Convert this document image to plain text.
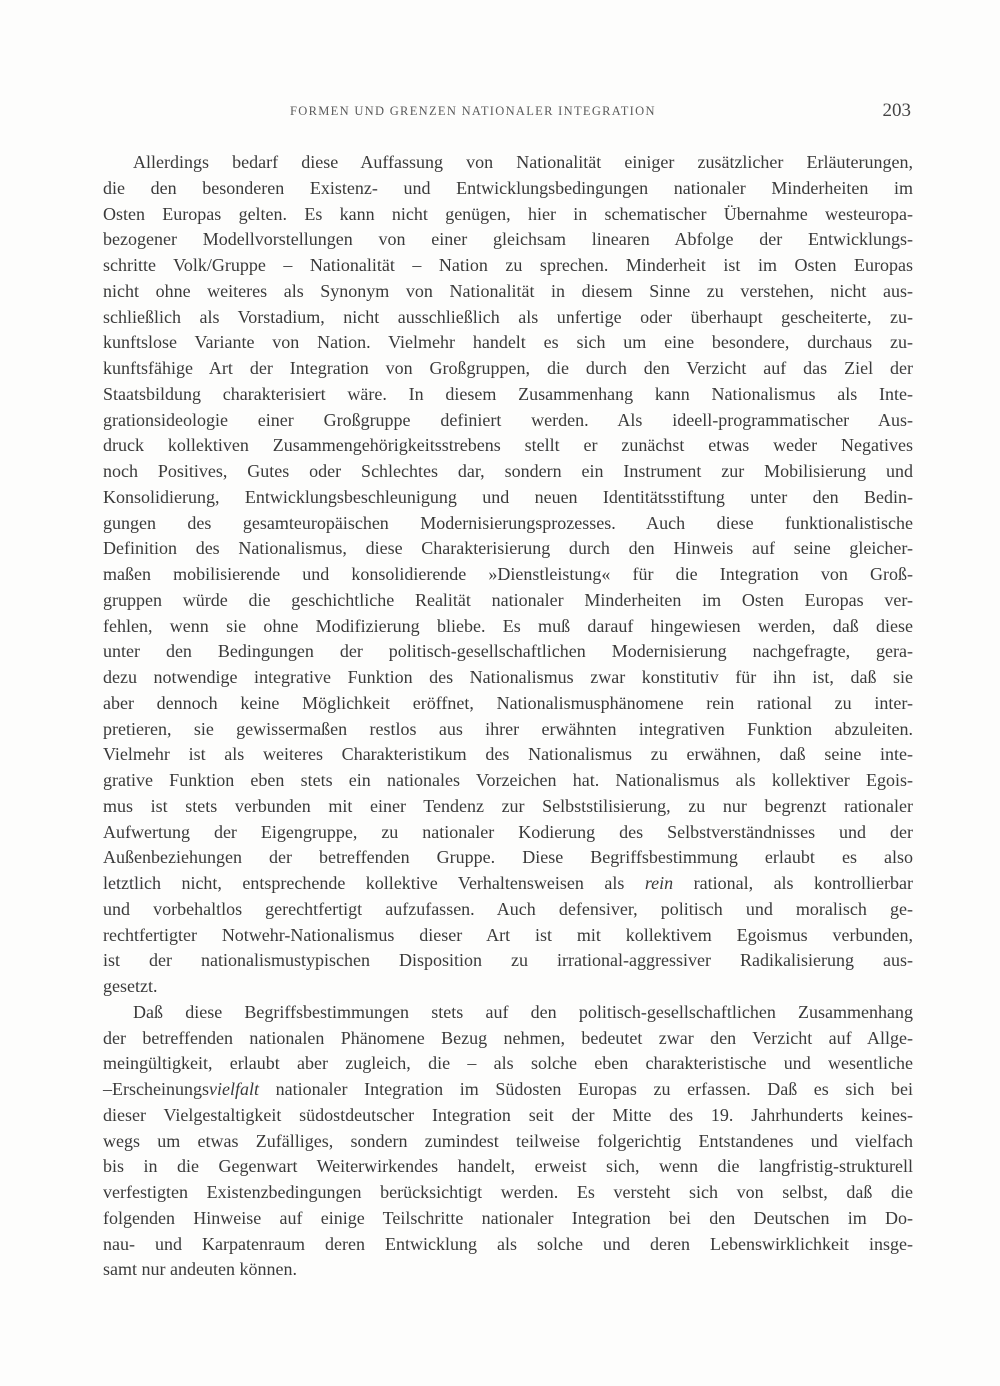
FORMEN UND GRENZEN NATIONALER INTEGRATION	203
Allerdings bedarf diese Auffassung von Nationalität einiger zusätzlicher Erläuterungen,
die den besonderen Existenz- und Entwicklungsbedingungen nationaler Minderheiten im
Osten Europas gelten. Es kann nicht genügen, hier in schematischer Übernahme westeuropa-
bezogener Modellvorstellungen von einer gleichsam linearen Abfolge der Entwicklungs-
schritte Volk/Gruppe – Nationalität – Nation zu sprechen. Minderheit ist im Osten Europas
nicht ohne weiteres als Synonym von Nationalität in diesem Sinne zu verstehen, nicht aus-
schließlich als Vorstadium, nicht ausschließlich als unfertige oder überhaupt gescheiterte, zu-
kunftslose Variante von Nation. Vielmehr handelt es sich um eine besondere, durchaus zu-
kunftsfähige Art der Integration von Großgruppen, die durch den Verzicht auf das Ziel der
Staatsbildung charakterisiert wäre. In diesem Zusammenhang kann Nationalismus als Inte-
grationsideologie einer Großgruppe definiert werden. Als ideell-programmatischer Aus-
druck kollektiven Zusammengehörigkeitsstrebens stellt er zunächst etwas weder Negatives
noch Positives, Gutes oder Schlechtes dar, sondern ein Instrument zur Mobilisierung und
Konsolidierung, Entwicklungsbeschleunigung und neuen Identitätsstiftung unter den Bedin-
gungen des gesamteuropäischen Modernisierungsprozesses. Auch diese funktionalistische
Definition des Nationalismus, diese Charakterisierung durch den Hinweis auf seine gleicher-
maßen mobilisierende und konsolidierende »Dienstleistung« für die Integration von Groß-
gruppen würde die geschichtliche Realität nationaler Minderheiten im Osten Europas ver-
fehlen, wenn sie ohne Modifizierung bliebe. Es muß darauf hingewiesen werden, daß diese
unter den Bedingungen der politisch-gesellschaftlichen Modernisierung nachgefragte, gera-
dezu notwendige integrative Funktion des Nationalismus zwar konstitutiv für ihn ist, daß sie
aber dennoch keine Möglichkeit eröffnet, Nationalismusphänomene rein rational zu inter-
pretieren, sie gewissermaßen restlos aus ihrer erwähnten integrativen Funktion abzuleiten.
Vielmehr ist als weiteres Charakteristikum des Nationalismus zu erwähnen, daß seine inte-
grative Funktion eben stets ein nationales Vorzeichen hat. Nationalismus als kollektiver Egois-
mus ist stets verbunden mit einer Tendenz zur Selbststilisierung, zu nur begrenzt rationaler
Aufwertung der Eigengruppe, zu nationaler Kodierung des Selbstverständnisses und der
Außenbeziehungen der betreffenden Gruppe. Diese Begriffsbestimmung erlaubt es also
letztlich nicht, entsprechende kollektive Verhaltensweisen als rein rational, als kontrollierbar
und vorbehaltlos gerechtfertigt aufzufassen. Auch defensiver, politisch und moralisch ge-
rechtfertigter Notwehr-Nationalismus dieser Art ist mit kollektivem Egoismus verbunden,
ist der nationalismustypischen Disposition zu irrational-aggressiver Radikalisierung aus-
gesetzt.
Daß diese Begriffsbestimmungen stets auf den politisch-gesellschaftlichen Zusammenhang
der betreffenden nationalen Phänomene Bezug nehmen, bedeutet zwar den Verzicht auf Allge-
meingültigkeit, erlaubt aber zugleich, die – als solche eben charakteristische und wesentliche
–Erscheinungsvielfalt nationaler Integration im Südosten Europas zu erfassen. Daß es sich bei
dieser Vielgestaltigkeit südostdeutscher Integration seit der Mitte des 19. Jahrhunderts keines-
wegs um etwas Zufälliges, sondern zumindest teilweise folgerichtig Entstandenes und vielfach
bis in die Gegenwart Weiterwirkendes handelt, erweist sich, wenn die langfristig-strukturell
verfestigten Existenzbedingungen berücksichtigt werden. Es versteht sich von selbst, daß die
folgenden Hinweise auf einige Teilschritte nationaler Integration bei den Deutschen im Do-
nau- und Karpatenraum deren Entwicklung als solche und deren Lebenswirklichkeit insge-
samt nur andeuten können.
